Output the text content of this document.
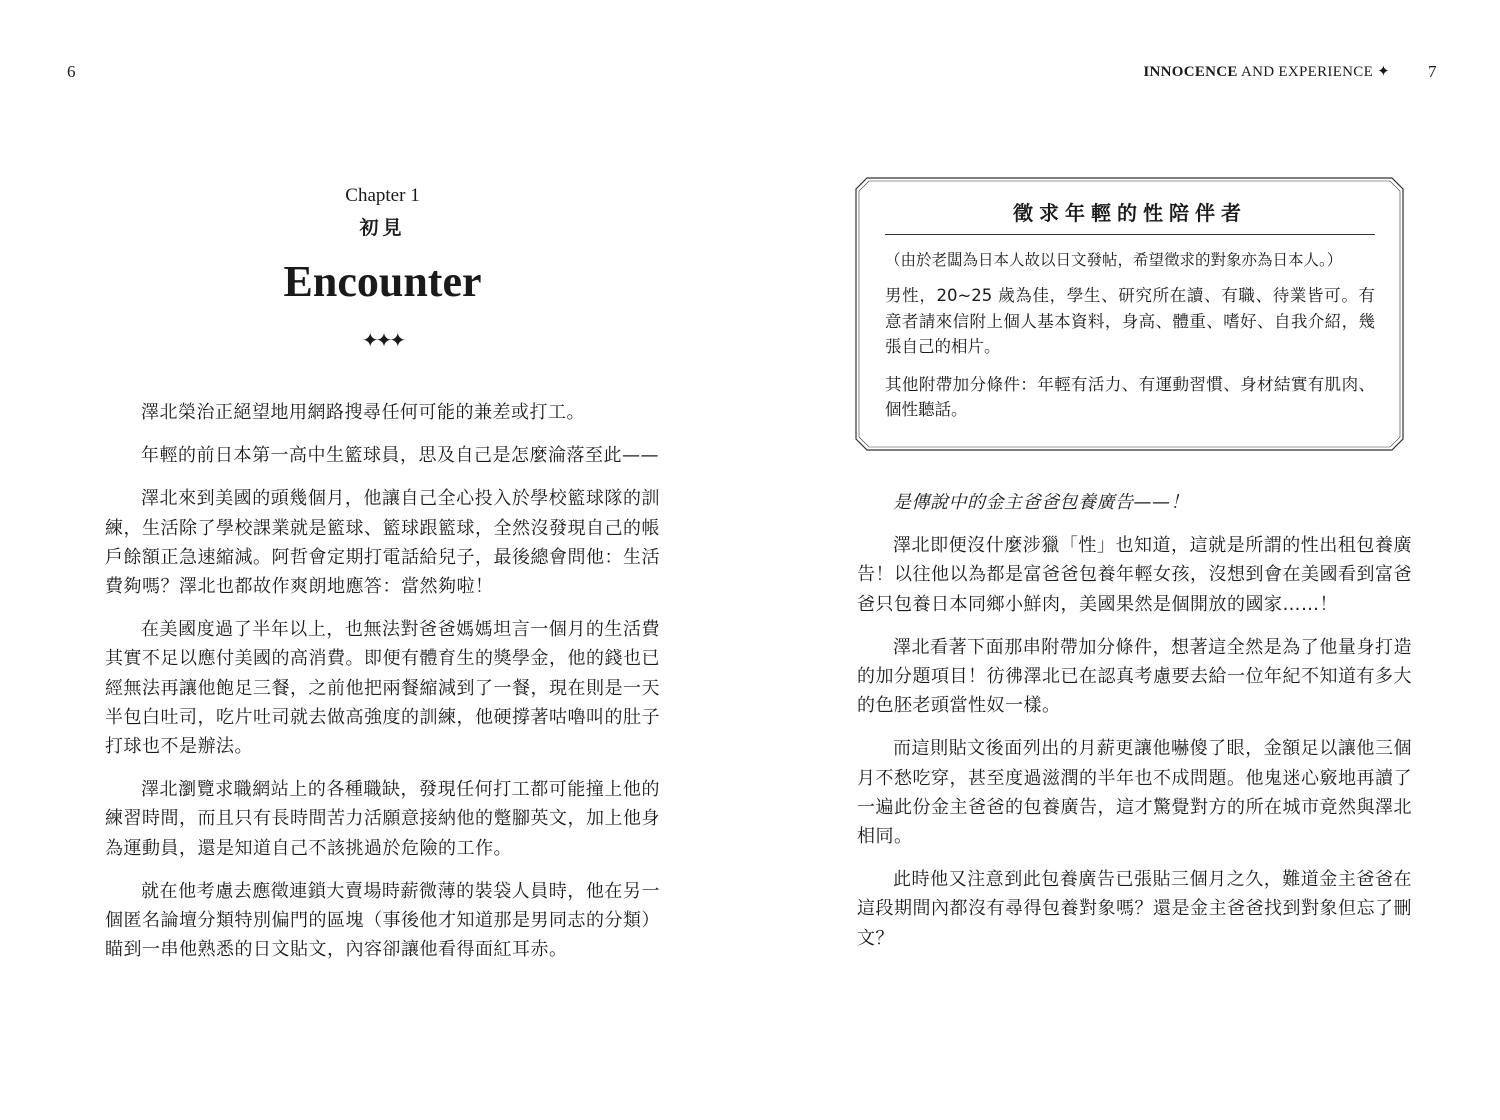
6	INNOCENCE AND EXPERIENCE ✦ 7
Chapter 1
初見
Encounter
✦✦✦

澤北榮治正絕望地用網路搜尋任何可能的兼差或打工。

年輕的前日本第一高中生籃球員，思及自己是怎麼淪落至此——

澤北來到美國的頭幾個月，他讓自己全心投入於學校籃球隊的訓練，生活除了學校課業就是籃球、籃球跟籃球，全然沒發現自己的帳戶餘額正急速縮減。阿哲會定期打電話給兒子，最後總會問他：生活費夠嗎？澤北也都故作爽朗地應答：當然夠啦！

在美國度過了半年以上，也無法對爸爸媽媽坦言一個月的生活費其實不足以應付美國的高消費。即便有體育生的獎學金，他的錢也已經無法再讓他飽足三餐，之前他把兩餐縮減到了一餐，現在則是一天半包白吐司，吃片吐司就去做高強度的訓練，他硬撐著咕嚕叫的肚子打球也不是辦法。

澤北瀏覽求職網站上的各種職缺，發現任何打工都可能撞上他的練習時間，而且只有長時間苦力活願意接納他的蹩腳英文，加上他身為運動員，還是知道自己不該挑過於危險的工作。

就在他考慮去應徵連鎖大賣場時薪微薄的裝袋人員時，他在另一個匿名論壇分類特別偏門的區塊（事後他才知道那是男同志的分類）瞄到一串他熟悉的日文貼文，內容卻讓他看得面紅耳赤。

徵求年輕的性陪伴者
（由於老闆為日本人故以日文發帖，希望徵求的對象亦為日本人。）
男性，20~25 歲為佳，學生、研究所在讀、有職、待業皆可。有意者請來信附上個人基本資料，身高、體重、嗜好、自我介紹，幾張自己的相片。
其他附帶加分條件：年輕有活力、有運動習慣、身材結實有肌肉、個性聽話。

是傳說中的金主爸爸包養廣告——！

澤北即便沒什麼涉獵「性」也知道，這就是所謂的性出租包養廣告！以往他以為都是富爸爸包養年輕女孩，沒想到會在美國看到富爸爸只包養日本同鄉小鮮肉，美國果然是個開放的國家……！

澤北看著下面那串附帶加分條件，想著這全然是為了他量身打造的加分題項目！彷彿澤北已在認真考慮要去給一位年紀不知道有多大的色胚老頭當性奴一樣。

而這則貼文後面列出的月薪更讓他嚇傻了眼，金額足以讓他三個月不愁吃穿，甚至度過滋潤的半年也不成問題。他鬼迷心竅地再讀了一遍此份金主爸爸的包養廣告，這才驚覺對方的所在城市竟然與澤北相同。

此時他又注意到此包養廣告已張貼三個月之久，難道金主爸爸在這段期間內都沒有尋得包養對象嗎？還是金主爸爸找到對象但忘了刪文？
